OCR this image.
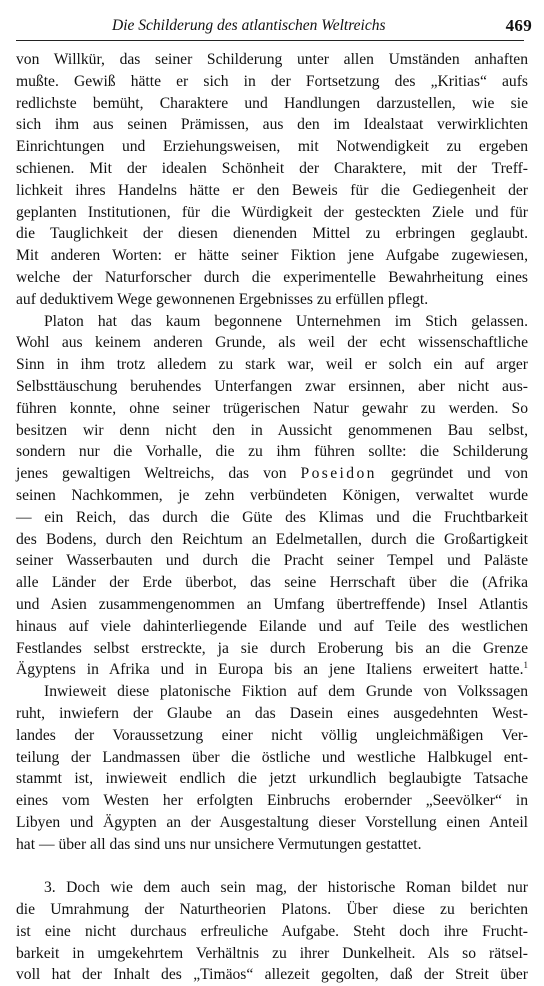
Die Schilderung des atlantischen Weltreichs	469
von Willkür, das seiner Schilderung unter allen Umständen anhaften
mußte. Gewiß hätte er sich in der Fortsetzung des „Kritias“ aufs
redlichste bemüht, Charaktere und Handlungen darzustellen, wie sie
sich ihm aus seinen Prämissen, aus den im Idealstaat verwirklichten
Einrichtungen und Erziehungsweisen, mit Notwendigkeit zu ergeben
schienen. Mit der idealen Schönheit der Charaktere, mit der Treff-
lichkeit ihres Handelns hätte er den Beweis für die Gediegenheit der
geplanten Institutionen, für die Würdigkeit der gesteckten Ziele und für
die Tauglichkeit der diesen dienenden Mittel zu erbringen geglaubt.
Mit anderen Worten: er hätte seiner Fiktion jene Aufgabe zugewiesen,
welche der Naturforscher durch die experimentelle Bewahrheitung eines
auf deduktivem Wege gewonnenen Ergebnisses zu erfüllen pflegt.
Platon hat das kaum begonnene Unternehmen im Stich gelassen.
Wohl aus keinem anderen Grunde, als weil der echt wissenschaftliche
Sinn in ihm trotz alledem zu stark war, weil er solch ein auf arger
Selbsttäuschung beruhendes Unterfangen zwar ersinnen, aber nicht aus-
führen konnte, ohne seiner trügerischen Natur gewahr zu werden. So
besitzen wir denn nicht den in Aussicht genommenen Bau selbst,
sondern nur die Vorhalle, die zu ihm führen sollte: die Schilderung
jenes gewaltigen Weltreichs, das von Poseidon gegründet und von
seinen Nachkommen, je zehn verbündeten Königen, verwaltet wurde
— ein Reich, das durch die Güte des Klimas und die Fruchtbarkeit
des Bodens, durch den Reichtum an Edelmetallen, durch die Großartigkeit
seiner Wasserbauten und durch die Pracht seiner Tempel und Paläste
alle Länder der Erde überbot, das seine Herrschaft über die (Afrika
und Asien zusammengenommen an Umfang übertreffende) Insel Atlantis
hinaus auf viele dahinterliegende Eilande und auf Teile des westlichen
Festlandes selbst erstreckte, ja sie durch Eroberung bis an die Grenze
Ägyptens in Afrika und in Europa bis an jene Italiens erweitert hatte.$^1$
Inwieweit diese platonische Fiktion auf dem Grunde von Volkssagen
ruht, inwiefern der Glaube an das Dasein eines ausgedehnten West-
landes der Voraussetzung einer nicht völlig ungleichmäßigen Ver-
teilung der Landmassen über die östliche und westliche Halbkugel ent-
stammt ist, inwieweit endlich die jetzt urkundlich beglaubigte Tatsache
eines vom Westen her erfolgten Einbruchs erobernder „Seevölker“ in
Libyen und Ägypten an der Ausgestaltung dieser Vorstellung einen Anteil
hat — über all das sind uns nur unsichere Vermutungen gestattet.
3. Doch wie dem auch sein mag, der historische Roman bildet nur
die Umrahmung der Naturtheorien Platons. Über diese zu berichten
ist eine nicht durchaus erfreuliche Aufgabe. Steht doch ihre Frucht-
barkeit in umgekehrtem Verhältnis zu ihrer Dunkelheit. Als so rätsel-
voll hat der Inhalt des „Timäos“ allezeit gegolten, daß der Streit über
